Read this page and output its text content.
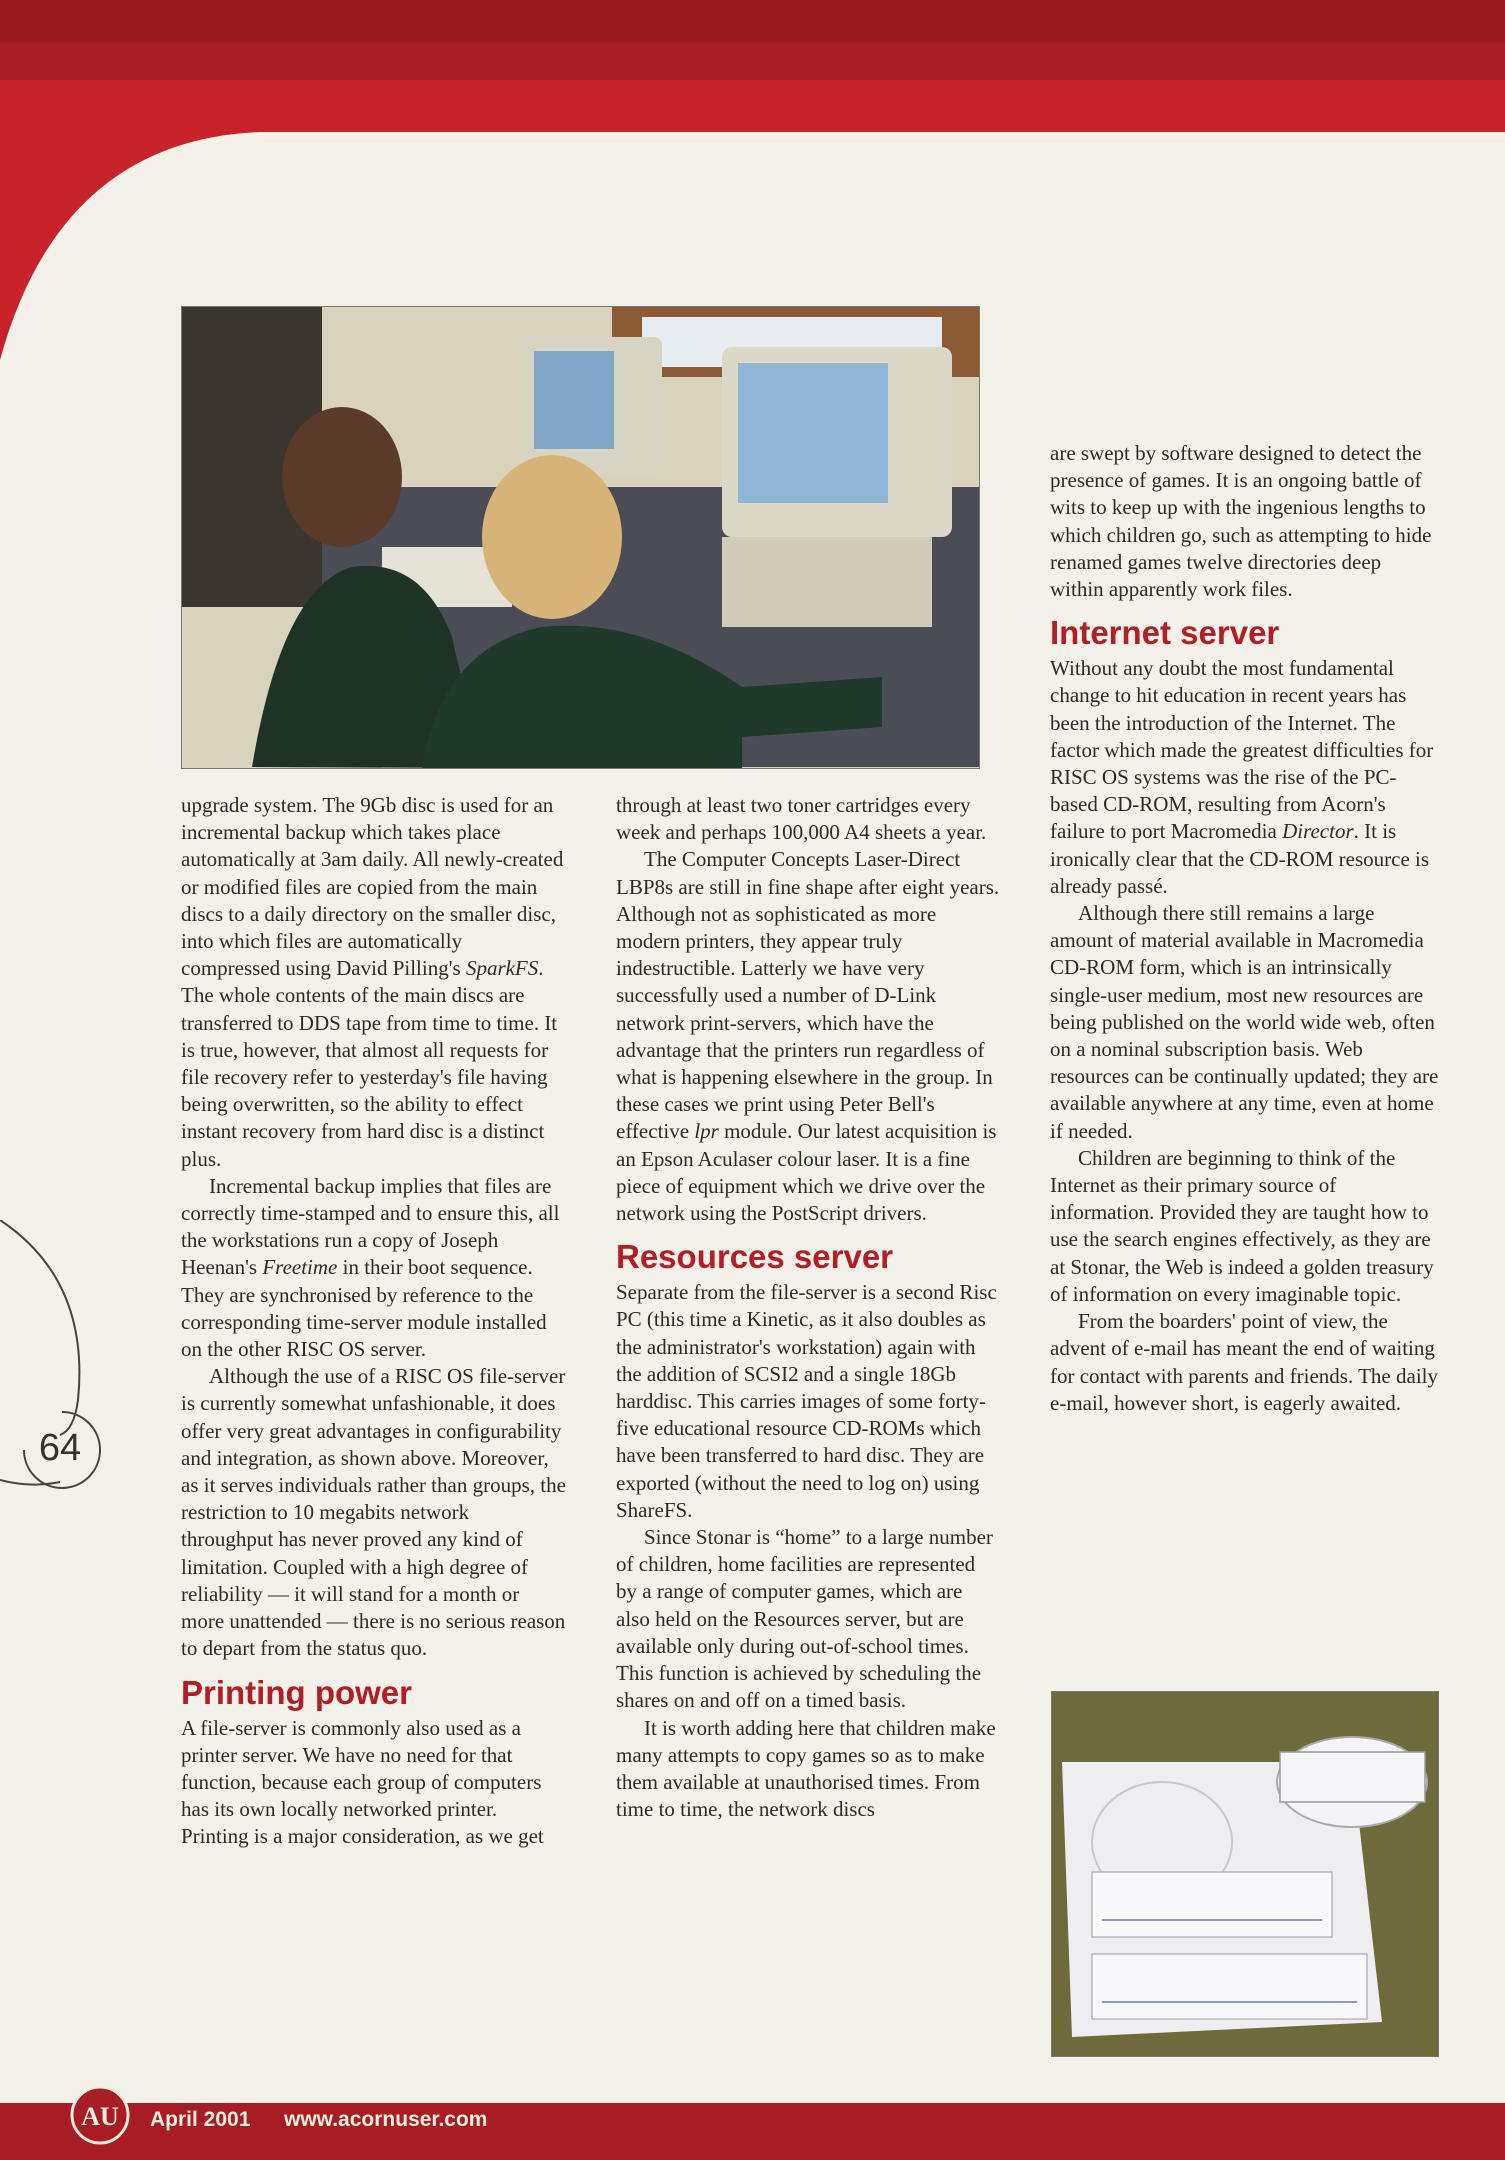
upgrade system. The 9Gb disc is used for an incremental backup which takes place automatically at 3am daily. All newly-created or modified files are copied from the main discs to a daily directory on the smaller disc, into which files are automatically compressed using David Pilling's SparkFS. The whole contents of the main discs are transferred to DDS tape from time to time. It is true, however, that almost all requests for file recovery refer to yesterday's file having being overwritten, so the ability to effect instant recovery from hard disc is a distinct plus.

Incremental backup implies that files are correctly time-stamped and to ensure this, all the workstations run a copy of Joseph Heenan's Freetime in their boot sequence. They are synchronised by reference to the corresponding time-server module installed on the other RISC OS server.

Although the use of a RISC OS file-server is currently somewhat unfashionable, it does offer very great advantages in configurability and integration, as shown above. Moreover, as it serves individuals rather than groups, the restriction to 10 megabits network throughput has never proved any kind of limitation. Coupled with a high degree of reliability — it will stand for a month or more unattended — there is no serious reason to depart from the status quo.

Printing power

A file-server is commonly also used as a printer server. We have no need for that function, because each group of computers has its own locally networked printer. Printing is a major consideration, as we get

through at least two toner cartridges every week and perhaps 100,000 A4 sheets a year.

The Computer Concepts Laser-Direct LBP8s are still in fine shape after eight years. Although not as sophisticated as more modern printers, they appear truly indestructible. Latterly we have very successfully used a number of D-Link network print-servers, which have the advantage that the printers run regardless of what is happening elsewhere in the group. In these cases we print using Peter Bell's effective lpr module. Our latest acquisition is an Epson Aculaser colour laser. It is a fine piece of equipment which we drive over the network using the PostScript drivers.

Resources server

Separate from the file-server is a second Risc PC (this time a Kinetic, as it also doubles as the administrator's workstation) again with the addition of SCSI2 and a single 18Gb harddisc. This carries images of some forty-five educational resource CD-ROMs which have been transferred to hard disc. They are exported (without the need to log on) using ShareFS.

Since Stonar is “home” to a large number of children, home facilities are represented by a range of computer games, which are also held on the Resources server, but are available only during out-of-school times. This function is achieved by scheduling the shares on and off on a timed basis.

It is worth adding here that children make many attempts to copy games so as to make them available at unauthorised times. From time to time, the network discs

are swept by software designed to detect the presence of games. It is an ongoing battle of wits to keep up with the ingenious lengths to which children go, such as attempting to hide renamed games twelve directories deep within apparently work files.

Internet server

Without any doubt the most fundamental change to hit education in recent years has been the introduction of the Internet. The factor which made the greatest difficulties for RISC OS systems was the rise of the PC-based CD-ROM, resulting from Acorn's failure to port Macromedia Director. It is ironically clear that the CD-ROM resource is already passé.

Although there still remains a large amount of material available in Macromedia CD-ROM form, which is an intrinsically single-user medium, most new resources are being published on the world wide web, often on a nominal subscription basis. Web resources can be continually updated; they are available anywhere at any time, even at home if needed.

Children are beginning to think of the Internet as their primary source of information. Provided they are taught how to use the search engines effectively, as they are at Stonar, the Web is indeed a golden treasury of information on every imaginable topic.

From the boarders' point of view, the advent of e-mail has meant the end of waiting for contact with parents and friends. The daily e-mail, however short, is eagerly awaited.

64
AU	April 2001 www.acornuser.com
